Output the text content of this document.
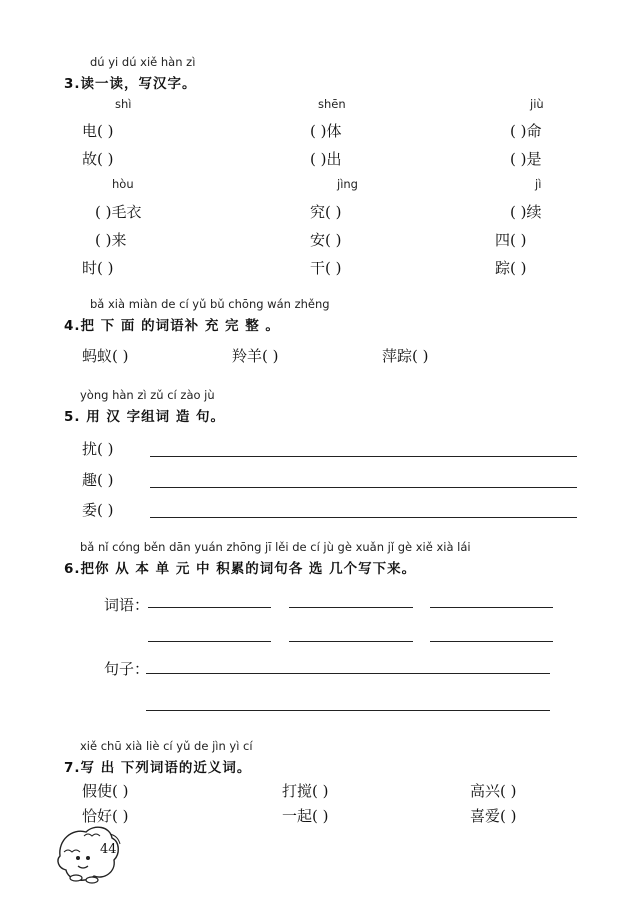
dú yi dú xiě hàn zì
3.读一读，写汉字。
shì	shēn	jiù
电( )	( )体	( )命
故( )	( )出	( )是
hòu	jìng	jì
( )毛衣	究( )	( )续
( )来	安( )	四( )
时( )	干( )	踪( )
bǎ xià miàn de cí yǔ bǔ chōng wán zhěng
4.把 下 面 的词语补 充 完 整 。
蚂蚁( )	羚羊( )	萍踪( )
yòng hàn zì zǔ cí zào jù
5. 用 汉 字组词 造 句。
扰( )
趣( )
委( )
bǎ nǐ cóng běn dān yuán zhōng jī lěi de cí jù gè xuǎn jǐ gè xiě xià lái
6.把你 从 本 单 元 中 积累的词句各 选 几个写下来。
词语：
句子：
xiě chū xià liè cí yǔ de jìn yì cí
7.写 出 下列词语的近义词。
假使( )	打搅( )	高兴( )
恰好( )	一起( )	喜爱( )
44
